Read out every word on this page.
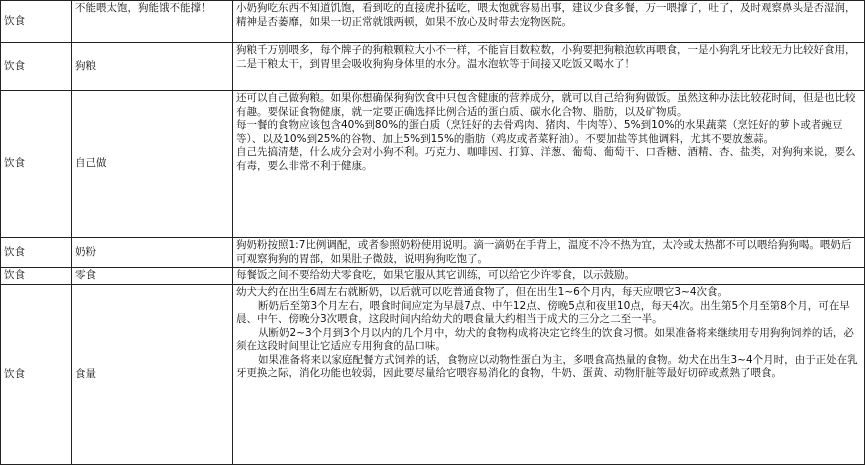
饮食	不能喂太饱，狗能饿不能撑！	小奶狗吃东西不知道饥饱，看到吃的直接虎扑猛吃，喂太饱就容易出事，建议少食多餐，万一喂撑了，吐了，及时观察鼻头是否湿润，精神是否萎靡，如果一切正常就饿两顿，如果不放心及时带去宠物医院。

饮食	狗粮	狗粮千万别喂多，每个牌子的狗粮颗粒大小不一样，不能盲目数粒数，小狗要把狗粮泡软再喂食，一是小狗乳牙比较无力比较好食用，二是干粮太干，到胃里会吸收狗狗身体里的水分。温水泡软等于间接又吃饭又喝水了！

饮食	自己做	还可以自己做狗粮。如果你想确保狗狗饮食中只包含健康的营养成分，就可以自己给狗狗做饭。虽然这种办法比较花时间，但是也比较有趣。要保证食物健康，就一定要正确选择比例合适的蛋白质、碳水化合物、脂肪，以及矿物质。

每一餐的食物应该包含40%到80%的蛋白质（烹饪好的去骨鸡肉、猪肉、牛肉等）、5%到10%的水果蔬菜（烹饪好的萝卜或者豌豆等）、以及10%到25%的谷物、加上5%到15%的脂肪（鸡皮或者菜籽油）。不要加盐等其他调料，尤其不要放葱蒜。

自己先搞清楚，什么成分会对小狗不利。巧克力、咖啡因、打算、洋葱、葡萄、葡萄干、口香糖、酒精、杏、盐类，对狗狗来说，要么有毒，要么非常不利于健康。

饮食	奶粉	狗奶粉按照1:7比例调配，或者参照奶粉使用说明。滴一滴奶在手背上，温度不冷不热为宜，太冷或太热都不可以喂给狗狗喝。喂奶后可观察狗狗的胃部，如果肚子微鼓，说明狗狗吃饱了。

饮食	零食	每餐饭之间不要给幼犬零食吃，如果它服从其它训练，可以给它少许零食，以示鼓励。

饮食	食量	幼犬大约在出生6周左右就断奶，以后就可以吃普通食物了，但在出生1~6个月内，每天应喂它3~4次食。

断奶后至第3个月左右，喂食时间应定为早晨7点、中午12点、傍晚5点和夜里10点，每天4次。出生第5个月至第8个月，可在早晨、中午、傍晚分3次喂食，这段时间内给幼犬的喂食量大约相当于成犬的三分之二至一半。

从断奶2~3个月到3个月以内的几个月中，幼犬的食物构成将决定它终生的饮食习惯。如果准备将来继续用专用狗狗饲养的话，必须在这段时间里让它适应专用狗食的品口味。

如果准备将来以家庭配餐方式饲养的话，食物应以动物性蛋白为主，多喂食高热量的食物。幼犬在出生3~4个月时，由于正处在乳牙更换之际，消化功能也较弱，因此要尽量给它喂容易消化的食物，牛奶、蛋黄、动物肝脏等最好切碎或煮熟了喂食。
